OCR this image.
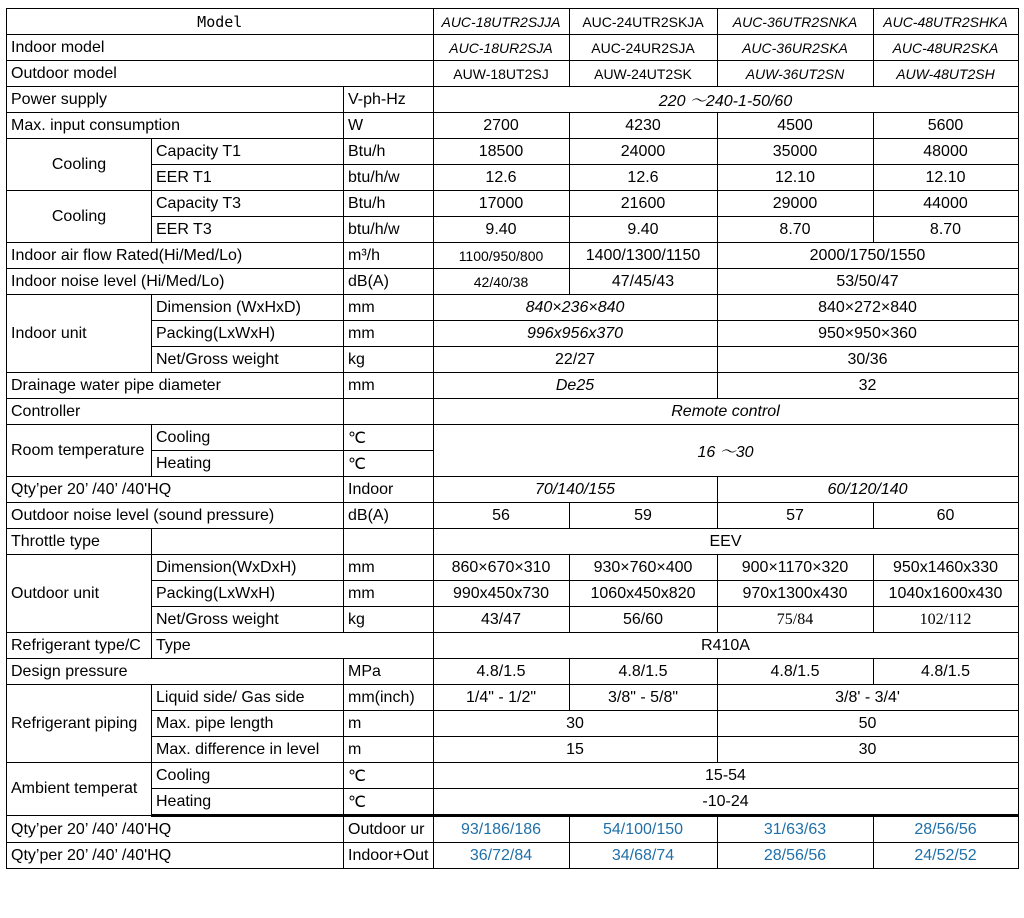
Model			AUC-18UTR2SJJA	AUC-24UTR2SKJA	AUC-36UTR2SNKA	AUC-48UTR2SHKA
Indoor model			AUC-18UR2SJA	AUC-24UR2SJA	AUC-36UR2SKA	AUC-48UR2SKA
Outdoor model			AUW-18UT2SJ	AUW-24UT2SK	AUW-36UT2SN	AUW-48UT2SH
Power supply		V-ph-Hz	220 ～240-1-50/60			
Max. input consumption		W	2700	4230	4500	5600
Cooling	Capacity T1	Btu/h	18500	24000	35000	48000
	EER T1	btu/h/w	12.6	12.6	12.10	12.10
Cooling	Capacity T3	Btu/h	17000	21600	29000	44000
	EER T3	btu/h/w	9.40	9.40	8.70	8.70
Indoor air flow Rated(Hi/Med/Lo)		m³/h	1100/950/800	1400/1300/1150	2000/1750/1550	
Indoor noise level (Hi/Med/Lo)		dB(A)	42/40/38	47/45/43	53/50/47	
Indoor unit	Dimension (WxHxD)	mm	840×236×840		840×272×840	
	Packing(LxWxH)	mm	996x956x370		950×950×360	
	Net/Gross weight	kg	22/27		30/36	
Drainage water pipe diameter		mm	De25		32	
Controller			Remote control			
Room temperature	Cooling	℃	16 ～30			
	Heating	℃				
Qty’per 20’ /40’ /40'HQ		Indoor	70/140/155		60/120/140	
Outdoor noise level (sound pressure)		dB(A)	56	59	57	60
Throttle type			EEV			
Outdoor unit	Dimension(WxDxH)	mm	860×670×310	930×760×400	900×1170×320	950x1460x330
	Packing(LxWxH)	mm	990x450x730	1060x450x820	970x1300x430	1040x1600x430
	Net/Gross weight	kg	43/47	56/60	75/84	102/112
Refrigerant type/C	Type		R410A			
Design pressure		MPa	4.8/1.5	4.8/1.5	4.8/1.5	4.8/1.5
Refrigerant piping	Liquid side/ Gas side	mm(inch)	1/4" - 1/2"	3/8" - 5/8"	3/8' - 3/4'	
	Max. pipe length	m	30		50	
	Max. difference in level	m	15		30	
Ambient temperat	Cooling	℃	15-54			
	Heating	℃	-10-24			
Qty’per 20’ /40’ /40'HQ		Outdoor ur	93/186/186	54/100/150	31/63/63	28/56/56
Qty’per 20’ /40’ /40'HQ		Indoor+Out	36/72/84	34/68/74	28/56/56	24/52/52
